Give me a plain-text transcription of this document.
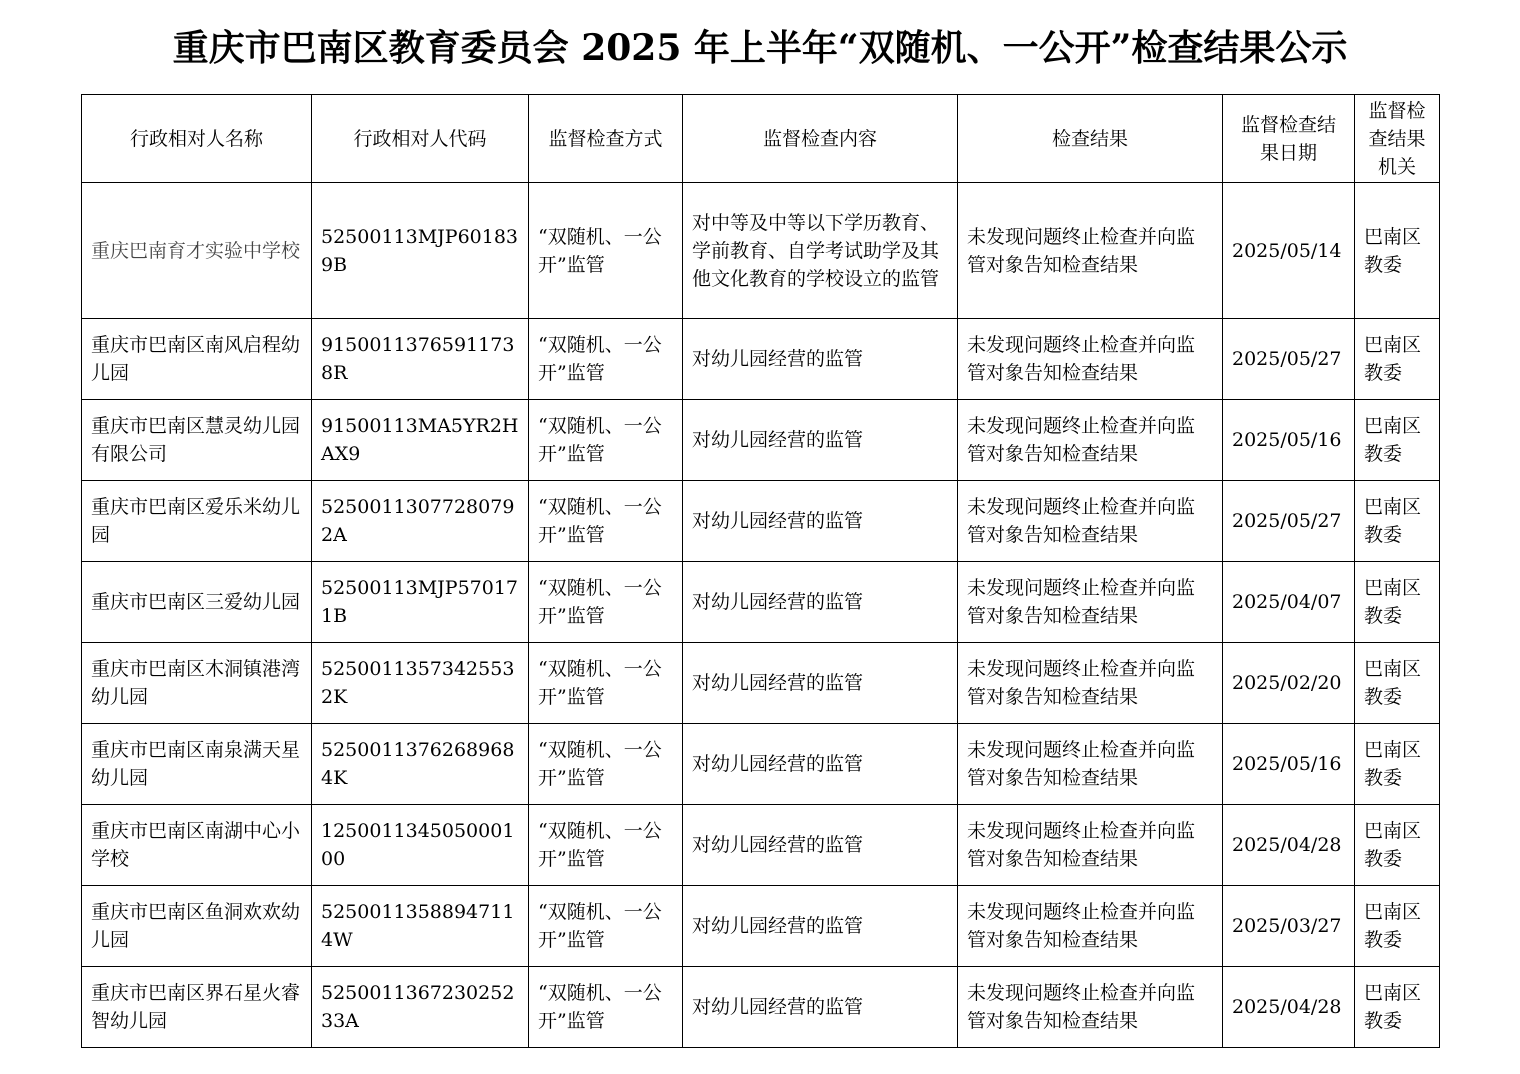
重庆市巴南区教育委员会 2025 年上半年“双随机、一公开”检查结果公示
行政相对人名称	行政相对人代码	监督检查方式	监督检查内容	检查结果	监督检查结果日期	监督检查结果机关
重庆巴南育才实验中学校	52500113MJP601839B	“双随机、一公开”监管	对中等及中等以下学历教育、学前教育、自学考试助学及其他文化教育的学校设立的监管	未发现问题终止检查并向监管对象告知检查结果	2025/05/14	巴南区教委
重庆市巴南区南风启程幼儿园	91500113765911738R	“双随机、一公开”监管	对幼儿园经营的监管	未发现问题终止检查并向监管对象告知检查结果	2025/05/27	巴南区教委
重庆市巴南区慧灵幼儿园有限公司	91500113MA5YR2HAX9	“双随机、一公开”监管	对幼儿园经营的监管	未发现问题终止检查并向监管对象告知检查结果	2025/05/16	巴南区教委
重庆市巴南区爱乐米幼儿园	52500113077280792A	“双随机、一公开”监管	对幼儿园经营的监管	未发现问题终止检查并向监管对象告知检查结果	2025/05/27	巴南区教委
重庆市巴南区三爱幼儿园	52500113MJP570171B	“双随机、一公开”监管	对幼儿园经营的监管	未发现问题终止检查并向监管对象告知检查结果	2025/04/07	巴南区教委
重庆市巴南区木洞镇港湾幼儿园	52500113573425532K	“双随机、一公开”监管	对幼儿园经营的监管	未发现问题终止检查并向监管对象告知检查结果	2025/02/20	巴南区教委
重庆市巴南区南泉满天星幼儿园	52500113762689684K	“双随机、一公开”监管	对幼儿园经营的监管	未发现问题终止检查并向监管对象告知检查结果	2025/05/16	巴南区教委
重庆市巴南区南湖中心小学校	125001134505000100	“双随机、一公开”监管	对幼儿园经营的监管	未发现问题终止检查并向监管对象告知检查结果	2025/04/28	巴南区教委
重庆市巴南区鱼洞欢欢幼儿园	52500113588947114W	“双随机、一公开”监管	对幼儿园经营的监管	未发现问题终止检查并向监管对象告知检查结果	2025/03/27	巴南区教委
重庆市巴南区界石星火睿智幼儿园	525001136723025233A	“双随机、一公开”监管	对幼儿园经营的监管	未发现问题终止检查并向监管对象告知检查结果	2025/04/28	巴南区教委
